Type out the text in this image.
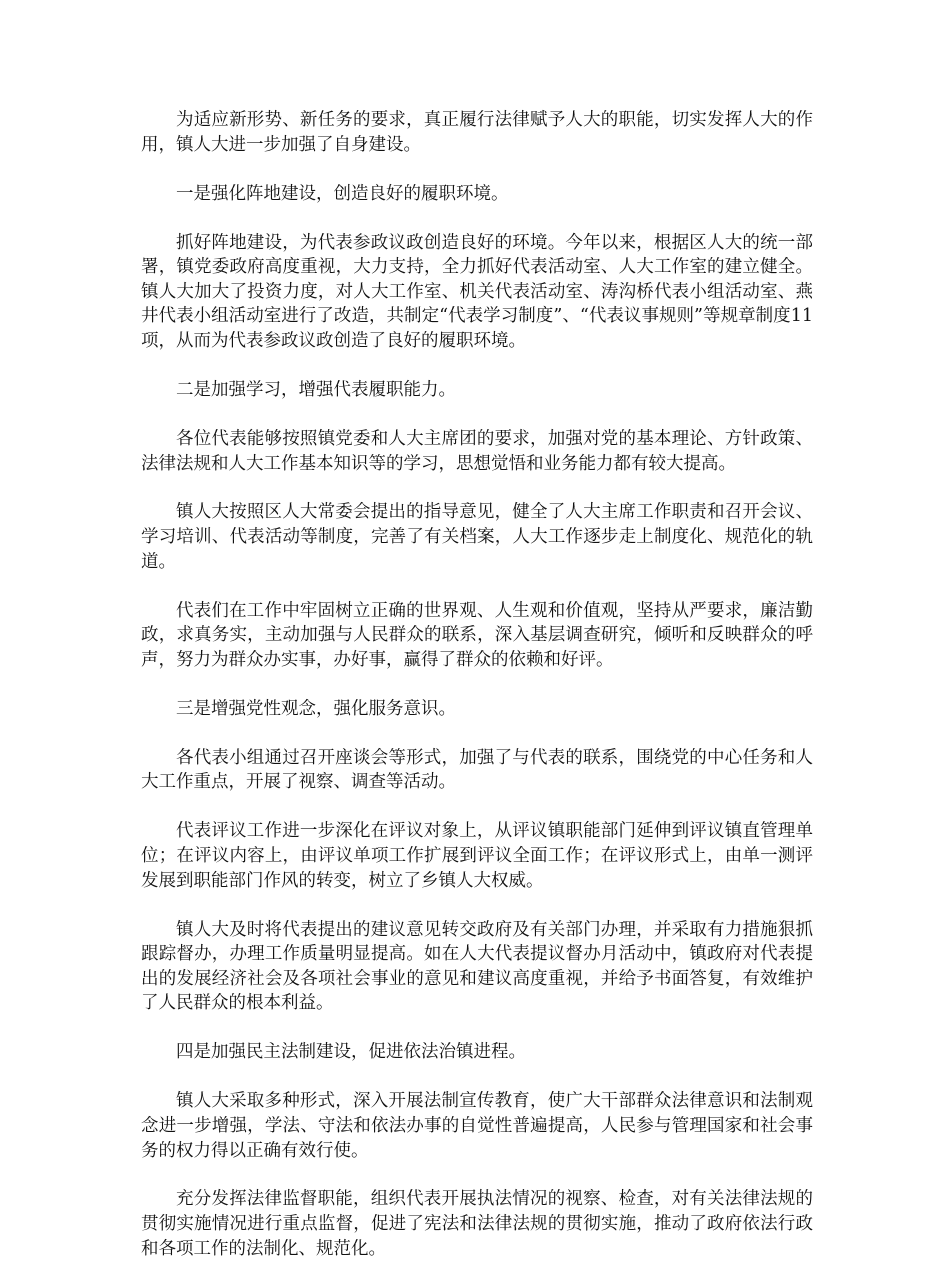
为适应新形势、新任务的要求，真正履行法律赋予人大的职能，切实发挥人大的作用，镇人大进一步加强了自身建设。

一是强化阵地建设，创造良好的履职环境。

抓好阵地建设，为代表参政议政创造良好的环境。今年以来，根据区人大的统一部署，镇党委政府高度重视，大力支持，全力抓好代表活动室、人大工作室的建立健全。镇人大加大了投资力度，对人大工作室、机关代表活动室、涛沟桥代表小组活动室、燕井代表小组活动室进行了改造，共制定“代表学习制度”、“代表议事规则”等规章制度11项，从而为代表参政议政创造了良好的履职环境。

二是加强学习，增强代表履职能力。

各位代表能够按照镇党委和人大主席团的要求，加强对党的基本理论、方针政策、法律法规和人大工作基本知识等的学习，思想觉悟和业务能力都有较大提高。

镇人大按照区人大常委会提出的指导意见，健全了人大主席工作职责和召开会议、学习培训、代表活动等制度，完善了有关档案，人大工作逐步走上制度化、规范化的轨道。

代表们在工作中牢固树立正确的世界观、人生观和价值观，坚持从严要求，廉洁勤政，求真务实，主动加强与人民群众的联系，深入基层调查研究，倾听和反映群众的呼声，努力为群众办实事，办好事，赢得了群众的依赖和好评。

三是增强党性观念，强化服务意识。

各代表小组通过召开座谈会等形式，加强了与代表的联系，围绕党的中心任务和人大工作重点，开展了视察、调查等活动。

代表评议工作进一步深化在评议对象上，从评议镇职能部门延伸到评议镇直管理单位；在评议内容上，由评议单项工作扩展到评议全面工作；在评议形式上，由单一测评发展到职能部门作风的转变，树立了乡镇人大权威。

镇人大及时将代表提出的建议意见转交政府及有关部门办理，并采取有力措施狠抓跟踪督办，办理工作质量明显提高。如在人大代表提议督办月活动中，镇政府对代表提出的发展经济社会及各项社会事业的意见和建议高度重视，并给予书面答复，有效维护了人民群众的根本利益。

四是加强民主法制建设，促进依法治镇进程。

镇人大采取多种形式，深入开展法制宣传教育，使广大干部群众法律意识和法制观念进一步增强，学法、守法和依法办事的自觉性普遍提高，人民参与管理国家和社会事务的权力得以正确有效行使。

充分发挥法律监督职能，组织代表开展执法情况的视察、检查，对有关法律法规的贯彻实施情况进行重点监督，促进了宪法和法律法规的贯彻实施，推动了政府依法行政和各项工作的法制化、规范化。
